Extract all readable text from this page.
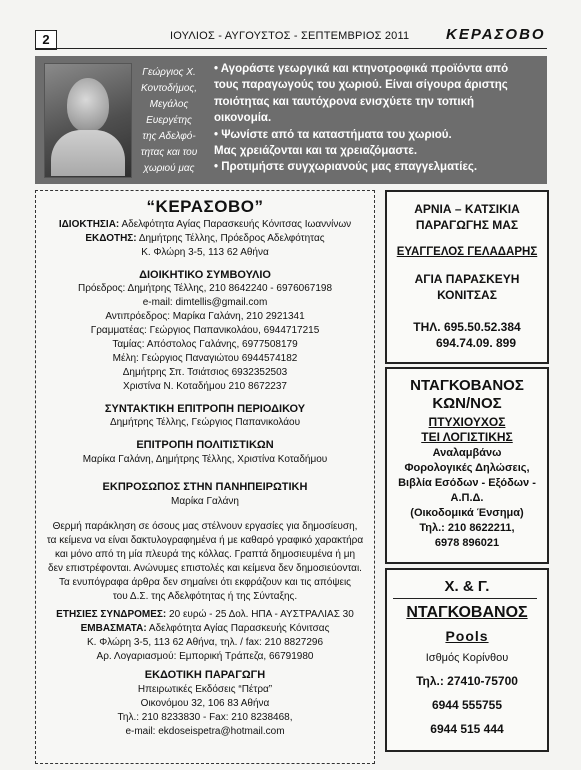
2	ΙΟΥΛΙΟΣ - ΑΥΓΟΥΣΤΟΣ - ΣΕΠΤΕΜΒΡΙΟΣ 2011 ΚΕΡΑΣΟΒΟ
Γεώργιος Χ.
Κοντοδήμος,
Μεγάλος
Ευεργέτης
της Αδελφό-
τητας και του
χωριού μας
• Αγοράστε γεωργικά και κτηνοτροφικά προϊόντα από
τους παραγωγούς του χωριού. Είναι σίγουρα άριστης
ποιότητας και ταυτόχρονα ενισχύετε την τοπική
οικονομία.
• Ψωνίστε από τα καταστήματα του χωριού.
Μας χρειάζονται και τα χρειαζόμαστε.
• Προτιμήστε συγχωριανούς μας επαγγελματίες.
“ΚΕΡΑΣΟΒΟ”
ΙΔΙΟΚΤΗΣΙΑ: Αδελφότητα Αγίας Παρασκευής Κόνιτσας Ιωαννίνων
ΕΚΔΟΤΗΣ: Δημήτρης Τέλλης, Πρόεδρος Αδελφότητας
Κ. Φλώρη 3-5, 113 62 Αθήνα
ΔΙΟΙΚΗΤΙΚΟ ΣΥΜΒΟΥΛΙΟ
Πρόεδρος: Δημήτρης Τέλλης, 210 8642240 - 6976067198
e-mail: dimtellis@gmail.com
Αντιπρόεδρος: Μαρίκα Γαλάνη, 210 2921341
Γραμματέας: Γεώργιος Παπανικολάου, 6944717215
Ταμίας: Απόστολος Γαλάνης, 6977508179
Μέλη: Γεώργιος Παναγιώτου 6944574182
Δημήτρης Σπ. Τσιάτσιος 6932352503
Χριστίνα Ν. Κοταδήμου 210 8672237
ΣΥΝΤΑΚΤΙΚΗ ΕΠΙΤΡΟΠΗ ΠΕΡΙΟΔΙΚΟΥ
Δημήτρης Τέλλης, Γεώργιος Παπανικολάου
ΕΠΙΤΡΟΠΗ ΠΟΛΙΤΙΣΤΙΚΩΝ
Μαρίκα Γαλάνη, Δημήτρης Τέλλης, Χριστίνα Κοταδήμου
ΕΚΠΡΟΣΩΠΟΣ ΣΤΗΝ ΠΑΝΗΠΕΙΡΩΤΙΚΗ
Μαρίκα Γαλάνη
Θερμή παράκληση σε όσους μας στέλνουν εργασίες για δημοσίευση,
τα κείμενα να είναι δακτυλογραφημένα ή με καθαρό γραφικό χαρακτήρα
και μόνο από τη μία πλευρά της κόλλας. Γραπτά δημοσιευμένα ή μη
δεν επιστρέφονται. Ανώνυμες επιστολές και κείμενα δεν δημοσιεύονται.
Τα ενυπόγραφα άρθρα δεν σημαίνει ότι εκφράζουν και τις απόψεις
του Δ.Σ. της Αδελφότητας ή της Σύνταξης.
ΕΤΗΣΙΕΣ ΣΥΝΔΡΟΜΕΣ: 20 ευρώ - 25 Δολ. ΗΠΑ - ΑΥΣΤΡΑΛΙΑΣ 30
ΕΜΒΑΣΜΑΤΑ: Αδελφότητα Αγίας Παρασκευής Κόνιτσας
Κ. Φλώρη 3-5, 113 62 Αθήνα, τηλ. / fax: 210 8827296
Αρ. Λογαριασμού: Εμπορική Τράπεζα, 66791980
ΕΚΔΟΤΙΚΗ ΠΑΡΑΓΩΓΗ
Ηπειρωτικές Εκδόσεις “Πέτρα”
Οικονόμου 32, 106 83 Αθήνα
Τηλ.: 210 8233830 - Fax: 210 8238468,
e-mail: ekdoseispetra@hotmail.com
ΑΡΝΙΑ – ΚΑΤΣΙΚΙΑ
ΠΑΡΑΓΩΓΗΣ ΜΑΣ
ΕΥΑΓΓΕΛΟΣ ΓΕΛΑΔΑΡΗΣ
ΑΓΙΑ ΠΑΡΑΣΚΕΥΗ
ΚΟΝΙΤΣΑΣ
ΤΗΛ. 695.50.52.384
694.74.09. 899
ΝΤΑΓΚΟΒΑΝΟΣ
ΚΩΝ/ΝΟΣ
ΠΤΥΧΙΟΥΧΟΣ
ΤΕΙ ΛΟΓΙΣΤΙΚΗΣ
Αναλαμβάνω
Φορολογικές Δηλώσεις,
Βιβλία Εσόδων - Εξόδων -
Α.Π.Δ.
(Οικοδομικά Ένσημα)
Τηλ.: 210 8622211,
6978 896021
Χ. & Γ.
ΝΤΑΓΚΟΒΑΝΟΣ
Pools
Ισθμός Κορίνθου
Τηλ.: 27410-75700
6944 555755
6944 515 444
